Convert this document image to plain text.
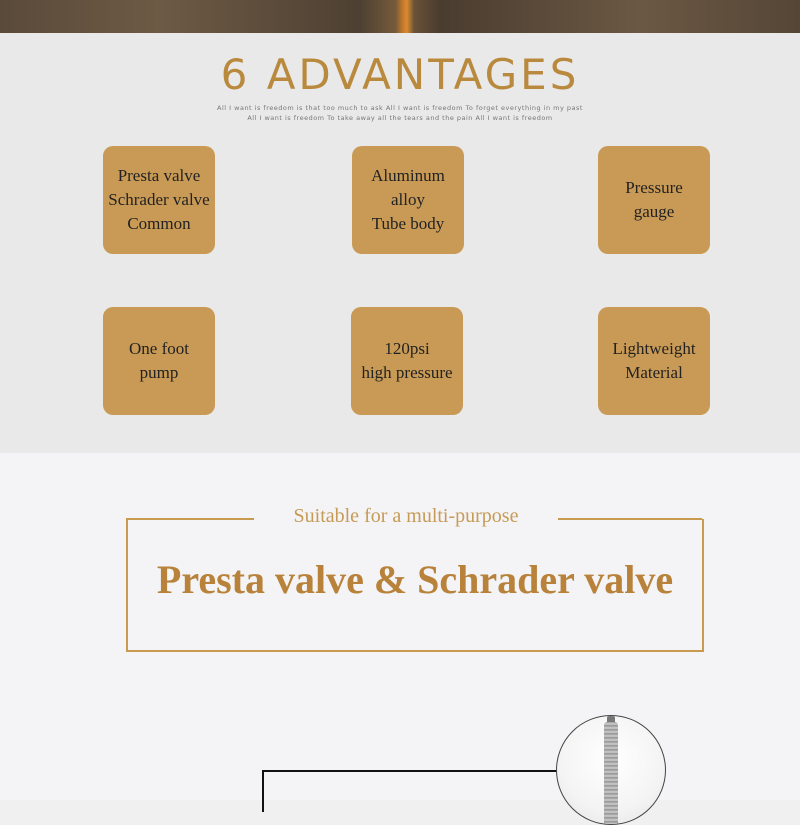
6 ADVANTAGES
All I want is freedom is that too much to ask All I want is freedom To forget everything in my past
All I want is freedom To take away all the tears and the pain All I want is freedom
Presta valve
Schrader valve
Common
Aluminum
alloy
Tube body
Pressure
gauge
One foot
pump
120psi
high pressure
Lightweight
Material
Suitable for a multi-purpose
Presta valve & Schrader valve
